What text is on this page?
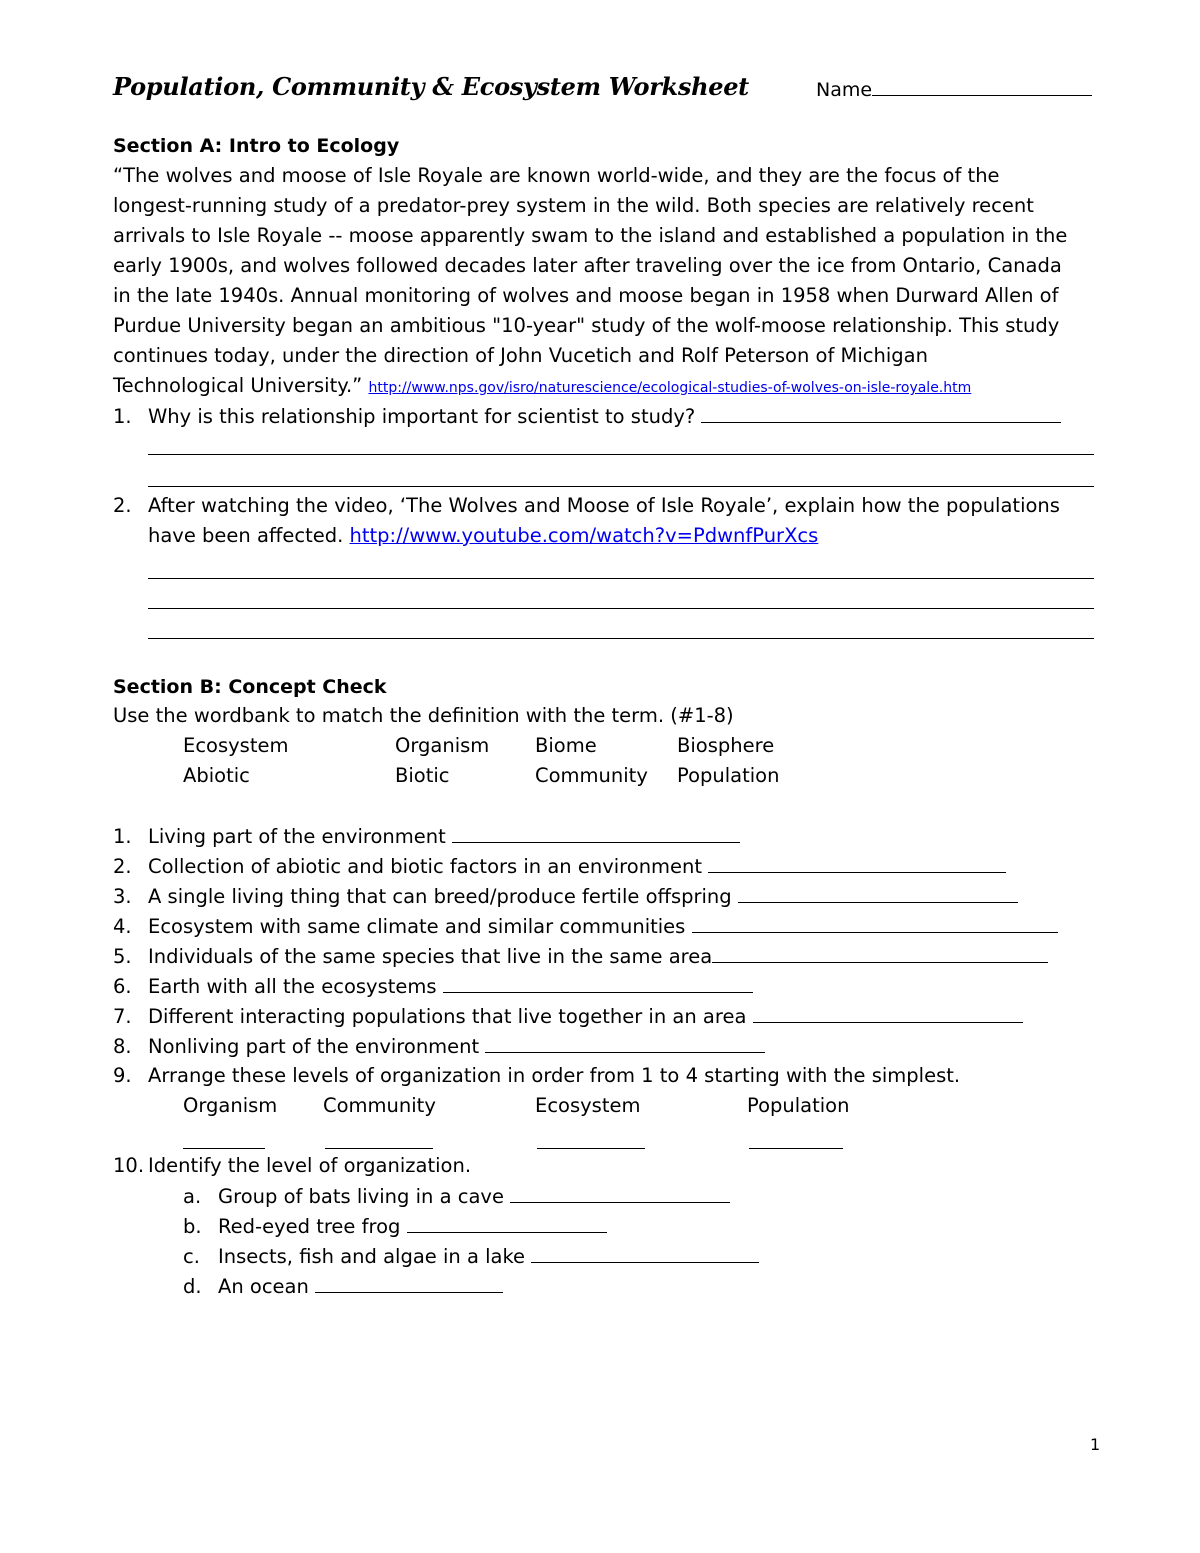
Population, Community & Ecosystem Worksheet	Name
Section A: Intro to Ecology
“The wolves and moose of Isle Royale are known world-wide, and they are the focus of the
longest-running study of a predator-prey system in the wild. Both species are relatively recent
arrivals to Isle Royale -- moose apparently swam to the island and established a population in the
early 1900s, and wolves followed decades later after traveling over the ice from Ontario, Canada
in the late 1940s. Annual monitoring of wolves and moose began in 1958 when Durward Allen of
Purdue University began an ambitious "10-year" study of the wolf-moose relationship. This study
continues today, under the direction of John Vucetich and Rolf Peterson of Michigan
Technological University.” http://www.nps.gov/isro/naturescience/ecological-studies-of-wolves-on-isle-royale.htm
1. Why is this relationship important for scientist to study?
2. After watching the video, ‘The Wolves and Moose of Isle Royale’, explain how the populations
have been affected. http://www.youtube.com/watch?v=PdwnfPurXcs
Section B: Concept Check
Use the wordbank to match the definition with the term. (#1-8)
Ecosystem	Organism Biome	Biosphere
Abiotic	Biotic	Community Population
1. Living part of the environment
2. Collection of abiotic and biotic factors in an environment
3. A single living thing that can breed/produce fertile offspring
4. Ecosystem with same climate and similar communities
5. Individuals of the same species that live in the same area
6. Earth with all the ecosystems
7. Different interacting populations that live together in an area
8. Nonliving part of the environment
9. Arrange these levels of organization in order from 1 to 4 starting with the simplest.
Organism Community	Ecosystem	Population
10. Identify the level of organization.
a. Group of bats living in a cave
b. Red-eyed tree frog
c. Insects, fish and algae in a lake
d. An ocean
1
